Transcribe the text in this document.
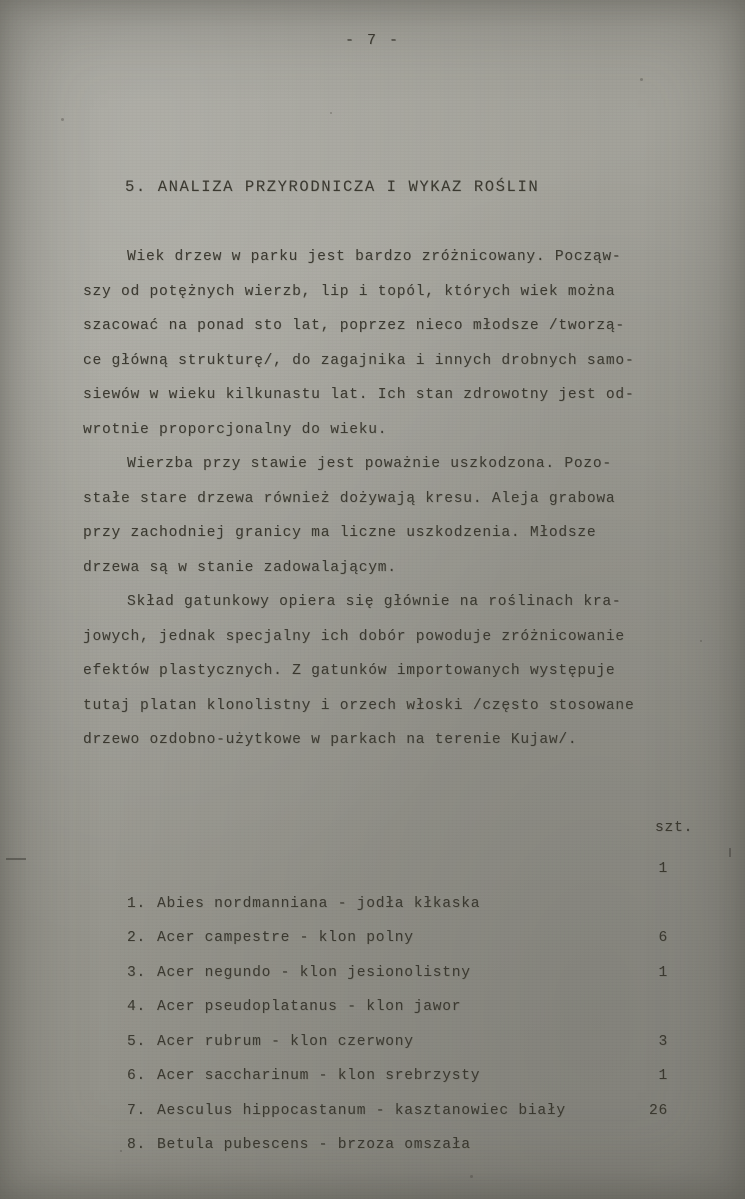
- 7 -
5. ANALIZA PRZYRODNICZA I WYKAZ ROŚLIN

Wiek drzew w parku jest bardzo zróżnicowany. Począw-
szy od potężnych wierzb, lip i topól, których wiek można
szacować na ponad sto lat, poprzez nieco młodsze /tworzą-
ce główną strukturę/, do zagajnika i innych drobnych samo-
siewów w wieku kilkunastu lat. Ich stan zdrowotny jest od-
wrotnie proporcjonalny do wieku.

Wierzba przy stawie jest poważnie uszkodzona. Pozo-
stałe stare drzewa również dożywają kresu. Aleja grabowa
przy zachodniej granicy ma liczne uszkodzenia. Młodsze
drzewa są w stanie zadowalającym.

Skład gatunkowy opiera się głównie na roślinach kra-
jowych, jednak specjalny ich dobór powoduje zróżnicowanie
efektów plastycznych. Z gatunków importowanych występuje
tutaj platan klonolistny i orzech włoski /często stosowane
drzewo ozdobno-użytkowe w parkach na terenie Kujaw/.

szt.

1. Abies nordmanniana - jodła kłkaska

1

2. Acer campestre - klon polny

3. Acer negundo - klon jesionolistny

6

4. Acer pseudoplatanus - klon jawor

1

5. Acer rubrum - klon czerwony

6. Acer saccharinum - klon srebrzysty

3

7. Aesculus hippocastanum - kasztanowiec biały

1

8. Betula pubescens - brzoza omszała

26
